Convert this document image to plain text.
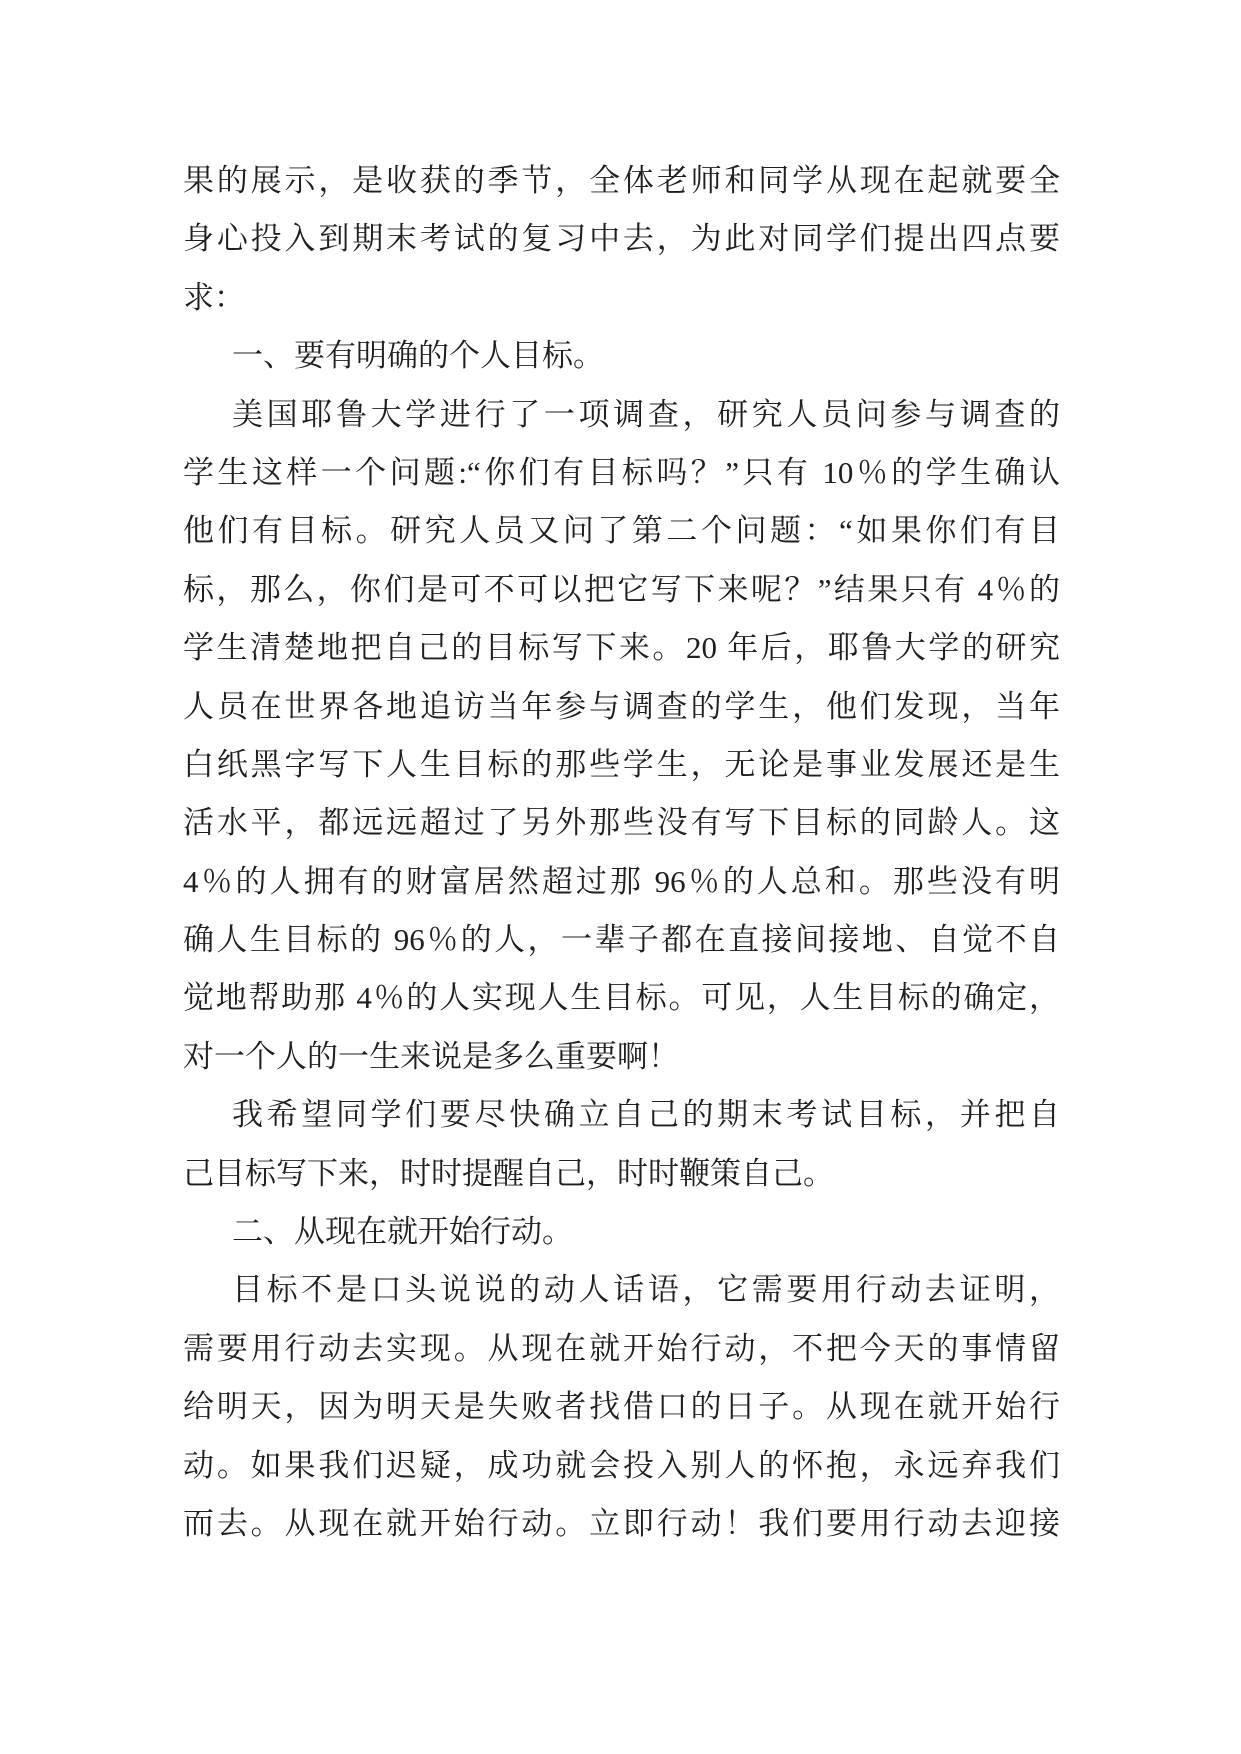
果的展示，是收获的季节，全体老师和同学从现在起就要全
身心投入到期末考试的复习中去，为此对同学们提出四点要
求：
一、要有明确的个人目标。
美国耶鲁大学进行了一项调查，研究人员问参与调查的
学生这样一个问题:“你们有目标吗？”只有 10％的学生确认
他们有目标。研究人员又问了第二个问题：“如果你们有目
标，那么，你们是可不可以把它写下来呢？”结果只有 4％的
学生清楚地把自己的目标写下来。20 年后，耶鲁大学的研究
人员在世界各地追访当年参与调查的学生，他们发现，当年
白纸黑字写下人生目标的那些学生，无论是事业发展还是生
活水平，都远远超过了另外那些没有写下目标的同龄人。这
4％的人拥有的财富居然超过那 96％的人总和。那些没有明
确人生目标的 96％的人，一辈子都在直接间接地、自觉不自
觉地帮助那 4％的人实现人生目标。可见，人生目标的确定，
对一个人的一生来说是多么重要啊！
我希望同学们要尽快确立自己的期末考试目标，并把自
己目标写下来，时时提醒自己，时时鞭策自己。
二、从现在就开始行动。
目标不是口头说说的动人话语，它需要用行动去证明，
需要用行动去实现。从现在就开始行动，不把今天的事情留
给明天，因为明天是失败者找借口的日子。从现在就开始行
动。如果我们迟疑，成功就会投入别人的怀抱，永远弃我们
而去。从现在就开始行动。立即行动！我们要用行动去迎接
